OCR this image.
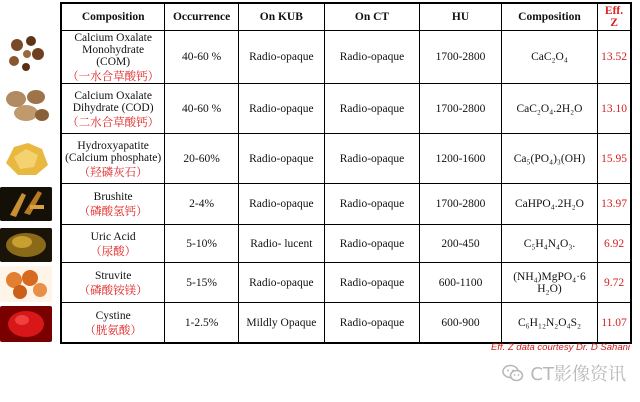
Composition	Occurrence	On KUB	On CT	HU	Composition	Eff. Z

Calcium Oxalate Monohydrate (COM)
（一水合草酸钙）	40-60 %	Radio-opaque	Radio-opaque	1700-2800	CaC₂O₄	13.52

Calcium Oxalate Dihydrate (COD)
（二水合草酸钙）	40-60 %	Radio-opaque	Radio-opaque	1700-2800	CaC₂O₄.2H₂O	13.10

Hydroxyapatite (Calcium phosphate)
（羟磷灰石）	20-60%	Radio-opaque	Radio-opaque	1200-1600	Ca₅(PO₄)₃(OH)	15.95

Brushite
（磷酸氢钙）	2-4%	Radio-opaque	Radio-opaque	1700-2800	CaHPO₄.2H₂O	13.97

Uric Acid
（尿酸）	5-10%	Radio- lucent	Radio-opaque	200-450	C₅H₄N₄O₃.	6.92

Struvite
（磷酸铵镁）	5-15%	Radio-opaque	Radio-opaque	600-1100	(NH₄)MgPO₄·6 H₂O)	9.72

Cystine
（胱氨酸）	1-2.5%	Mildly Opaque	Radio-opaque	600-900	C₆H₁₂N₂O₄S₂	11.07
Eff. Z data courtesy Dr. D Sahani
CT影像资讯
